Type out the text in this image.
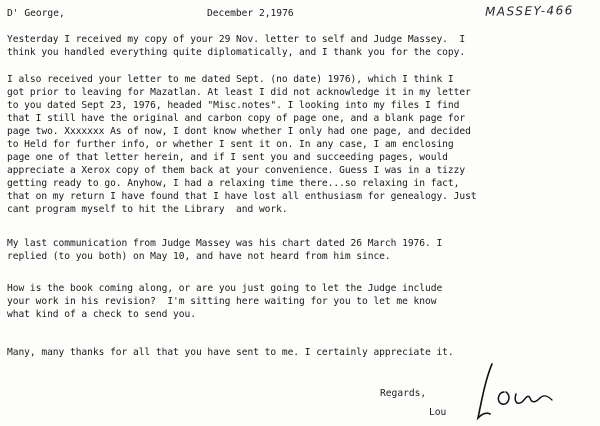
D' George,	December 2,1976	MASSEY-466
Yesterday I received my copy of your 29 Nov. letter to self and Judge Massey.  I
think you handled everything quite diplomatically, and I thank you for the copy.
I also received your letter to me dated Sept. (no date) 1976), which I think I
got prior to leaving for Mazatlan. At least I did not acknowledge it in my letter
to you dated Sept 23, 1976, headed "Misc.notes". I looking into my files I find
that I still have the original and carbon copy of page one, and a blank page for
page two. Xxxxxxx As of now, I dont know whether I only had one page, and decided
to Held for further info, or whether I sent it on. In any case, I am enclosing
page one of that letter herein, and if I sent you and succeeding pages, would
appreciate a Xerox copy of them back at your convenience. Guess I was in a tizzy
getting ready to go. Anyhow, I had a relaxing time there...so relaxing in fact,
that on my return I have found that I have lost all enthusiasm for genealogy. Just
cant program myself to hit the Library  and work.
My last communication from Judge Massey was his chart dated 26 March 1976. I
replied (to you both) on May 10, and have not heard from him since.
How is the book coming along, or are you just going to let the Judge include
your work in his revision?  I'm sitting here waiting for you to let me know
what kind of a check to send you.
Many, many thanks for all that you have sent to me. I certainly appreciate it.
Regards,
Lou
